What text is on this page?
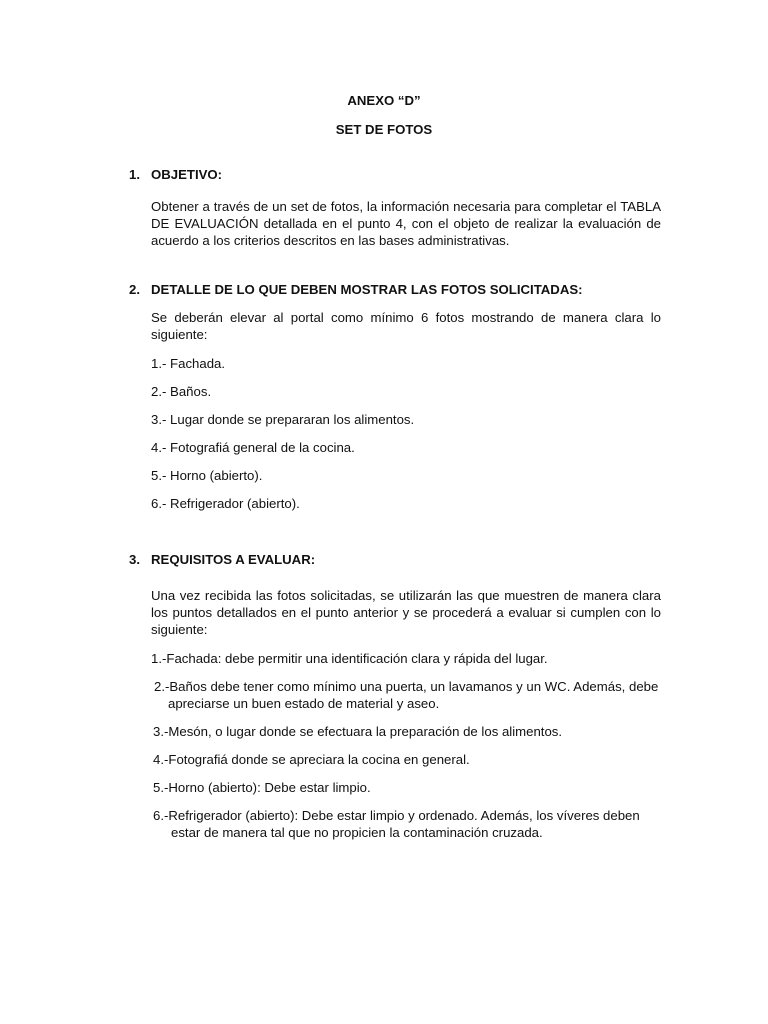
ANEXO “D”

SET DE FOTOS

1. OBJETIVO:

Obtener a través de un set de fotos, la información necesaria para completar el TABLA DE EVALUACIÓN detallada en el punto 4, con el objeto de realizar la evaluación de acuerdo a los criterios descritos en las bases administrativas.

2. DETALLE DE LO QUE DEBEN MOSTRAR LAS FOTOS SOLICITADAS:

Se deberán elevar al portal como mínimo 6 fotos mostrando de manera clara lo siguiente:

1.- Fachada.

2.- Baños.

3.- Lugar donde se prepararan los alimentos.

4.- Fotografiá general de la cocina.

5.- Horno (abierto).

6.- Refrigerador (abierto).

3. REQUISITOS A EVALUAR:

Una vez recibida las fotos solicitadas, se utilizarán las que muestren de manera clara los puntos detallados en el punto anterior y se procederá a evaluar si cumplen con lo siguiente:

1.-Fachada: debe permitir una identificación clara y rápida del lugar.

2.-Baños debe tener como mínimo una puerta, un lavamanos y un WC. Además, debe apreciarse un buen estado de material y aseo.

3.-Mesón, o lugar donde se efectuara la preparación de los alimentos.

4.-Fotografiá donde se apreciara la cocina en general.

5.-Horno (abierto): Debe estar limpio.

6.-Refrigerador (abierto): Debe estar limpio y ordenado. Además, los víveres deben estar de manera tal que no propicien la contaminación cruzada.
